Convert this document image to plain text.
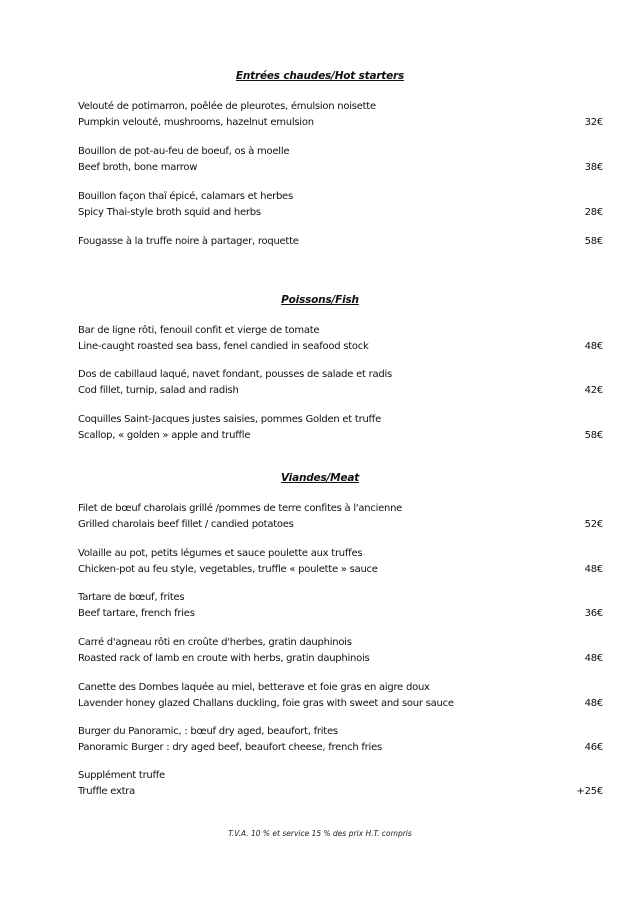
Entrées chaudes/Hot starters
Velouté de potimarron, poêlée de pleurotes, émulsion noisette
Pumpkin velouté, mushrooms, hazelnut emulsion	32€
Bouillon de pot-au-feu de boeuf, os à moelle
Beef broth, bone marrow	38€
Bouillon façon thaï épicé, calamars et herbes
Spicy Thai-style broth squid and herbs	28€
Fougasse à la truffe noire à partager, roquette	58€
Poissons/Fish
Bar de ligne rôti, fenouil confit et vierge de tomate
Line-caught roasted sea bass, fenel candied in seafood stock	48€
Dos de cabillaud laqué, navet fondant, pousses de salade et radis
Cod fillet, turnip, salad and radish	42€
Coquilles Saint-Jacques justes saisies, pommes Golden et truffe
Scallop, « golden » apple and truffle	58€
Viandes/Meat
Filet de bœuf charolais grillé /pommes de terre confites à l'ancienne
Grilled charolais beef fillet / candied potatoes	52€
Volaille au pot, petits légumes et sauce poulette aux truffes
Chicken-pot au feu style, vegetables, truffle « poulette » sauce	48€
Tartare de bœuf, frites
Beef tartare, french fries	36€
Carré d'agneau rôti en croûte d'herbes, gratin dauphinois
Roasted rack of lamb en croute with herbs, gratin dauphinois	48€
Canette des Dombes laquée au miel, betterave et foie gras en aigre doux
Lavender honey glazed Challans duckling, foie gras with sweet and sour sauce	48€
Burger du Panoramic, : bœuf dry aged, beaufort, frites
Panoramic Burger : dry aged beef, beaufort cheese, french fries	46€
Supplément truffe
Truffle extra	+25€
T.V.A. 10 % et service 15 % des prix H.T. compris
